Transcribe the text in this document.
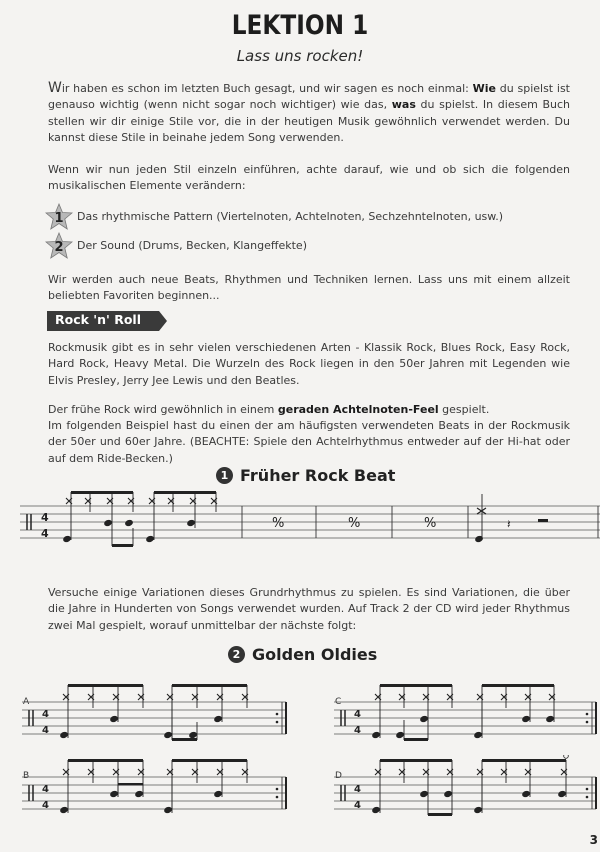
LEKTION 1
Lass uns rocken!
Wir haben es schon im letzten Buch gesagt, und wir sagen es noch einmal: Wie du spielst ist genauso wichtig (wenn nicht sogar noch wichtiger) wie das, was du spielst. In diesem Buch stellen wir dir einige Stile vor, die in der heutigen Musik gewöhnlich verwendet werden. Du kannst diese Stile in beinahe jedem Song verwenden.
Wenn wir nun jeden Stil einzeln einführen, achte darauf, wie und ob sich die folgenden musikalischen Elemente verändern:
1 Das rhythmische Pattern (Viertelnoten, Achtelnoten, Sechzehntelnoten, usw.)
2 Der Sound (Drums, Becken, Klangeffekte)
Wir werden auch neue Beats, Rhythmen und Techniken lernen. Lass uns mit einem allzeit beliebten Favoriten beginnen...
Rock 'n' Roll
Rockmusik gibt es in sehr vielen verschiedenen Arten - Klassik Rock, Blues Rock, Easy Rock, Hard Rock, Heavy Metal. Die Wurzeln des Rock liegen in den 50er Jahren mit Legenden wie Elvis Presley, Jerry Jee Lewis und den Beatles.
Der frühe Rock wird gewöhnlich in einem geraden Achtelnoten-Feel gespielt.
Im folgenden Beispiel hast du einen der am häufigsten verwendeten Beats in der Rockmusik der 50er und 60er Jahre. (BEACHTE: Spiele den Achtelrhythmus entweder auf der Hi-hat oder auf dem Ride-Becken.)
1 Früher Rock Beat
4
4
%	%	%	𝄽
Versuche einige Variationen dieses Grundrhythmus zu spielen. Es sind Variationen, die über die Jahre in Hunderten von Songs verwendet wurden. Auf Track 2 der CD wird jeder Rhythmus zwei Mal gespielt, worauf unmittelbar der nächste folgt:
2 Golden Oldies
A
B
C
D
4
4
4
4
4
4
4
4
3
